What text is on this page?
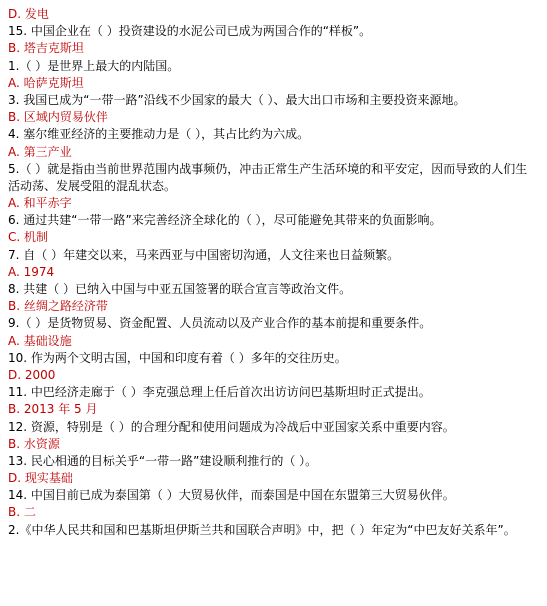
D. 发电
15. 中国企业在（ ）投资建设的水泥公司已成为两国合作的“样板”。
B. 塔吉克斯坦
1.（ ）是世界上最大的内陆国。
A. 哈萨克斯坦
3. 我国已成为“一带一路”沿线不少国家的最大（ ）、最大出口市场和主要投资来源地。
B. 区域内贸易伙伴
4. 塞尔维亚经济的主要推动力是（ ），其占比约为六成。
A. 第三产业
5.（ ）就是指由当前世界范围内战事频仍，冲击正常生产生活环境的和平安定，因而导致的人们生活动荡、发展受阻的混乱状态。
A. 和平赤字
6. 通过共建“一带一路”来完善经济全球化的（ ），尽可能避免其带来的负面影响。
C. 机制
7. 自（ ）年建交以来，马来西亚与中国密切沟通，人文往来也日益频繁。
A. 1974
8. 共建（ ）已纳入中国与中亚五国签署的联合宣言等政治文件。
B. 丝绸之路经济带
9.（ ）是货物贸易、资金配置、人员流动以及产业合作的基本前提和重要条件。
A. 基础设施
10. 作为两个文明古国，中国和印度有着（ ）多年的交往历史。
D. 2000
11. 中巴经济走廊于（ ）李克强总理上任后首次出访访问巴基斯坦时正式提出。
B. 2013 年 5 月
12. 资源，特别是（ ）的合理分配和使用问题成为冷战后中亚国家关系中重要内容。
B. 水资源
13. 民心相通的目标关乎“一带一路”建设顺利推行的（ ）。
D. 现实基础
14. 中国目前已成为泰国第（ ）大贸易伙伴，而泰国是中国在东盟第三大贸易伙伴。
B. 二
2.《中华人民共和国和巴基斯坦伊斯兰共和国联合声明》中，把（ ）年定为“中巴友好关系年”。
